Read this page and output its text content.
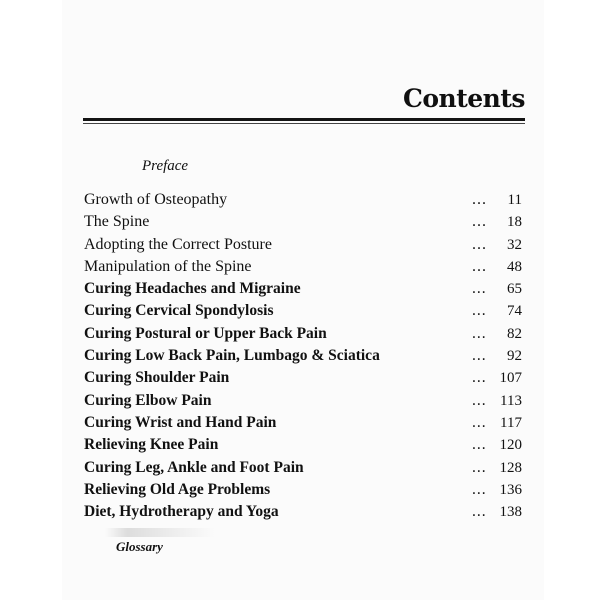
Contents
Preface
Growth of Osteopathy	... 11
The Spine	... 18
Adopting the Correct Posture	... 32
Manipulation of the Spine	... 48
Curing Headaches and Migraine	... 65
Curing Cervical Spondylosis	... 74
Curing Postural or Upper Back Pain	... 82
Curing Low Back Pain, Lumbago & Sciatica	... 92
Curing Shoulder Pain	... 107
Curing Elbow Pain	... 113
Curing Wrist and Hand Pain	... 117
Relieving Knee Pain	... 120
Curing Leg, Ankle and Foot Pain	... 128
Relieving Old Age Problems	... 136
Diet, Hydrotherapy and Yoga	... 138
Glossary
